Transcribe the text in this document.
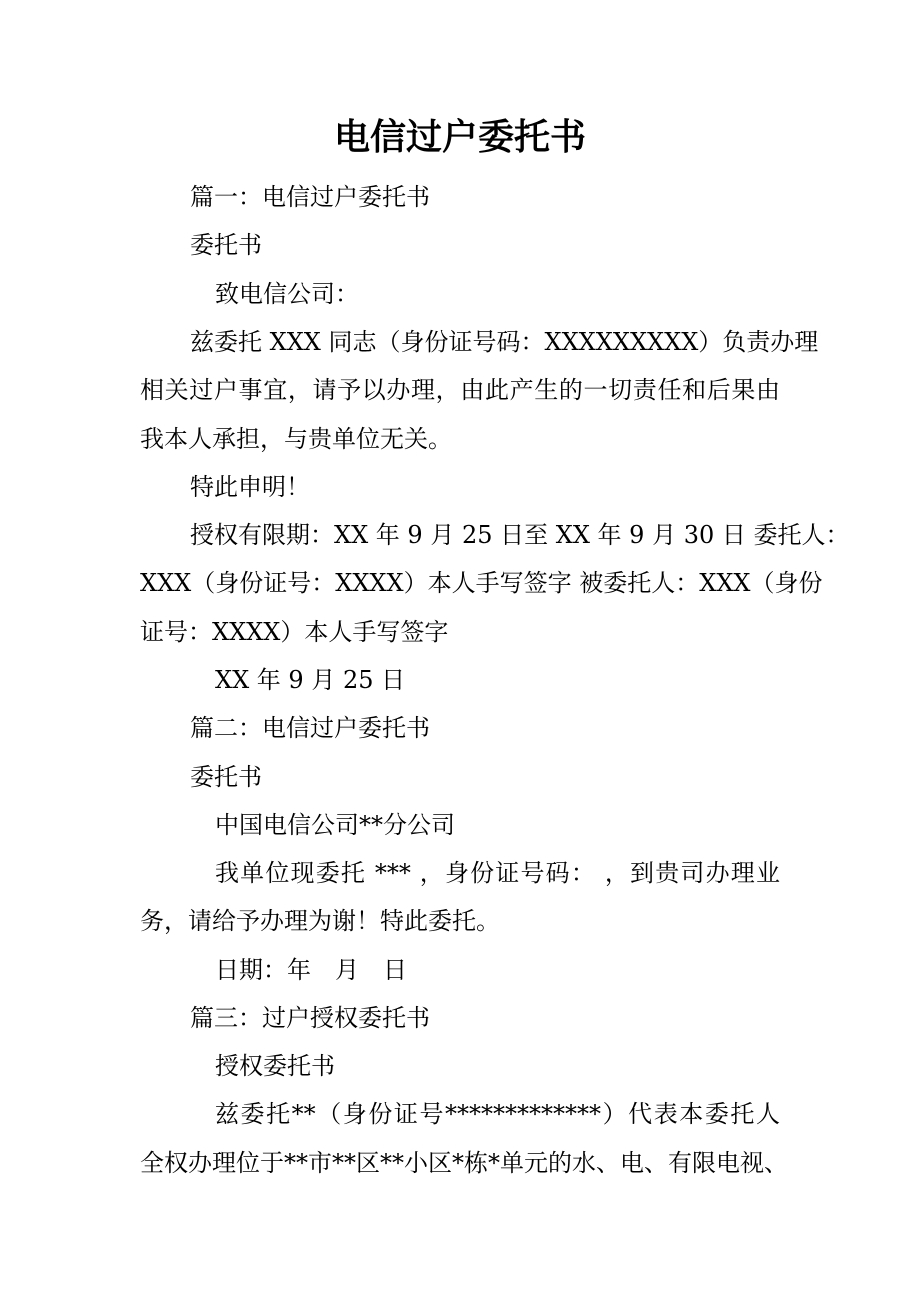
电信过户委托书

篇一：电信过户委托书

委托书

致电信公司：

兹委托 XXX 同志（身份证号码：XXXXXXXXX）负责办理

相关过户事宜，请予以办理，由此产生的一切责任和后果由

我本人承担，与贵单位无关。

特此申明！

授权有限期：XX 年 9 月 25 日至 XX 年 9 月 30 日 委托人：

XXX（身份证号：XXXX）本人手写签字 被委托人：XXX（身份

证号：XXXX）本人手写签字

XX 年 9 月 25 日

篇二：电信过户委托书

委托书

中国电信公司**分公司

我单位现委托 *** ，身份证号码： ，到贵司办理业

务，请给予办理为谢！特此委托。

日期：年　月　日

篇三：过户授权委托书

授权委托书

兹委托**（身份证号*************）代表本委托人

全权办理位于**市**区**小区*栋*单元的水、电、有限电视、
